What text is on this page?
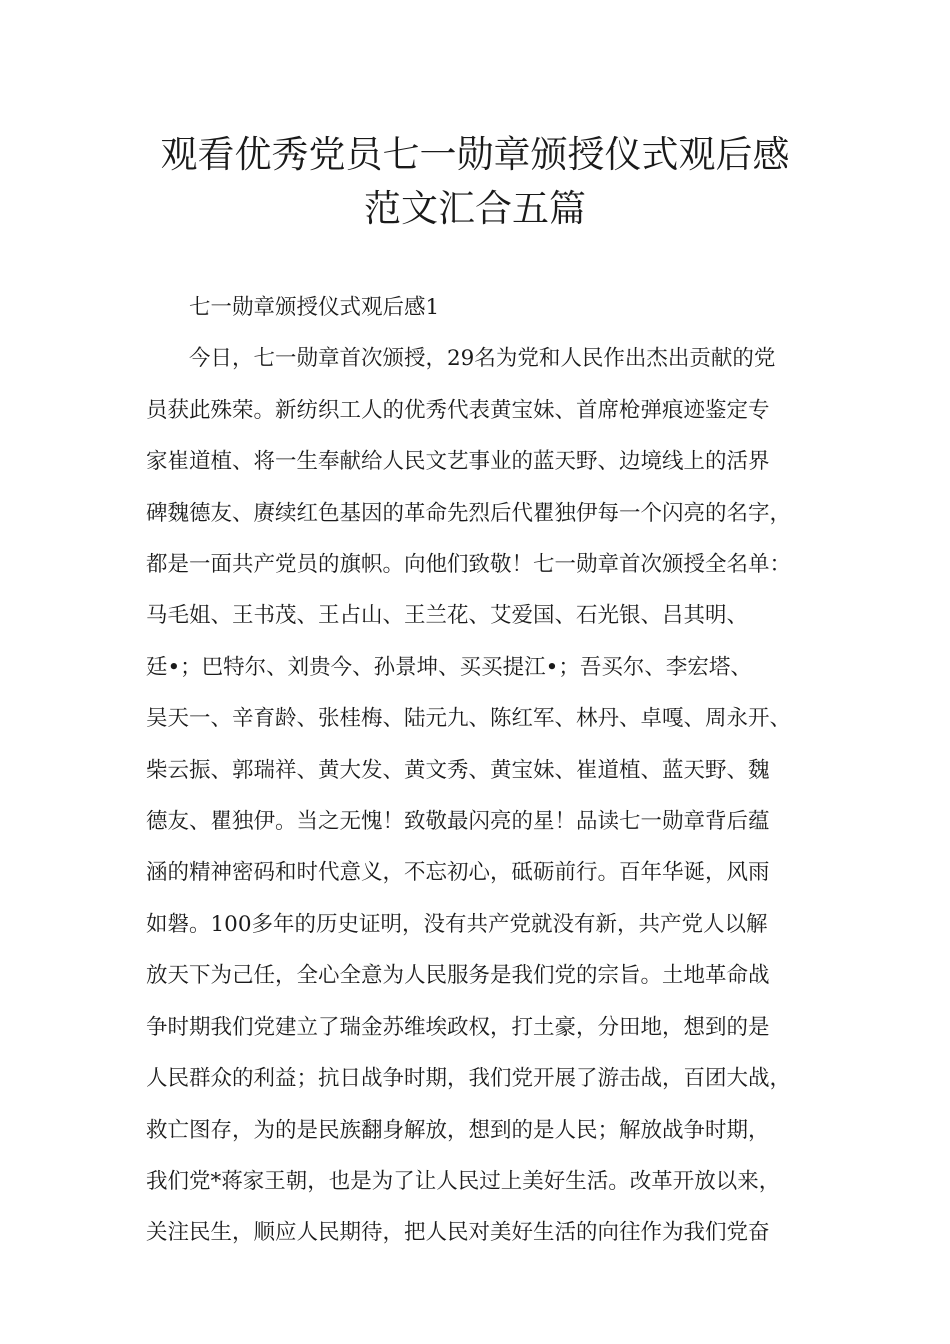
观看优秀党员七一勋章颁授仪式观后感
范文汇合五篇

七一勋章颁授仪式观后感1

今日，七一勋章首次颁授，29名为党和人民作出杰出贡献的党
员获此殊荣。新纺织工人的优秀代表黄宝妹、首席枪弹痕迹鉴定专
家崔道植、将一生奉献给人民文艺事业的蓝天野、边境线上的活界
碑魏德友、赓续红色基因的革命先烈后代瞿独伊每一个闪亮的名字，
都是一面共产党员的旗帜。向他们致敬！七一勋章首次颁授全名单：
马毛姐、王书茂、王占山、王兰花、艾爱国、石光银、吕其明、
廷•；巴特尔、刘贵今、孙景坤、买买提江•；吾买尔、李宏塔、
吴天一、辛育龄、张桂梅、陆元九、陈红军、林丹、卓嘎、周永开、
柴云振、郭瑞祥、黄大发、黄文秀、黄宝妹、崔道植、蓝天野、魏
德友、瞿独伊。当之无愧！致敬最闪亮的星！品读七一勋章背后蕴
涵的精神密码和时代意义，不忘初心，砥砺前行。百年华诞，风雨
如磐。100多年的历史证明，没有共产党就没有新，共产党人以解
放天下为己任，全心全意为人民服务是我们党的宗旨。土地革命战
争时期我们党建立了瑞金苏维埃政权，打土豪，分田地，想到的是
人民群众的利益；抗日战争时期，我们党开展了游击战，百团大战，
救亡图存，为的是民族翻身解放，想到的是人民；解放战争时期，
我们党*蒋家王朝，也是为了让人民过上美好生活。改革开放以来，
关注民生，顺应人民期待，把人民对美好生活的向往作为我们党奋
